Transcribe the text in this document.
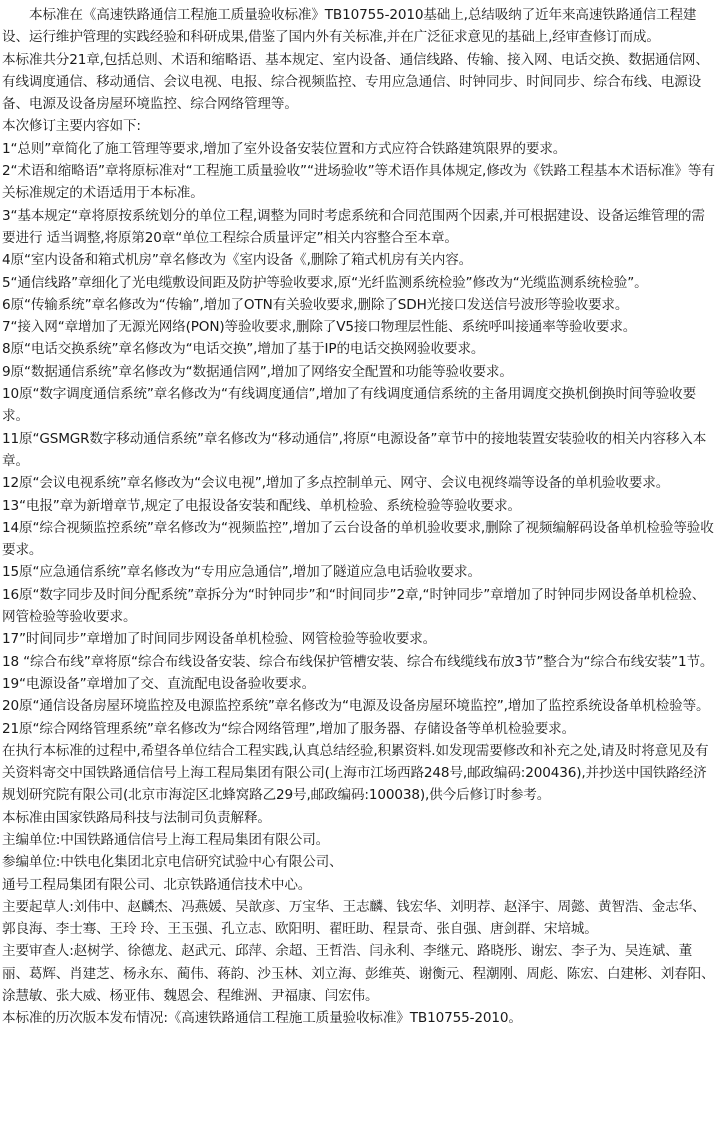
本标准在《高速铁路通信工程施工质量验收标准》TB10755-2010基础上,总结吸纳了近年来高速铁路通信工程建设、运行维护管理的实践经验和科研成果,借鉴了国内外有关标准,并在广泛征求意见的基础上,经审查修订而成。

本标准共分21章,包括总则、术语和缩略语、基本规定、室内设备、通信线路、传输、接入网、电话交换、数据通信网、有线调度通信、移动通信、会议电视、电报、综合视频监控、专用应急通信、时钟同步、时间同步、综合布线、电源设备、电源及设备房屋环境监控、综合网络管理等。

本次修订主要内容如下:

1“总则”章简化了施工管理等要求,增加了室外设备安装位置和方式应符合铁路建筑限界的要求。

2“术语和缩略语”章将原标准对“工程施工质量验收”“进场验收”等术语作具体规定,修改为《铁路工程基本术语标准》等有关标准规定的术语适用于本标准。

3“基本规定“章将原按系统划分的单位工程,调整为同时考虑系统和合同范围两个因素,并可根据建设、设备运维管理的需要进行 适当调整,将原第20章“单位工程综合质量评定”相关内容整合至本章。

4原“室内设备和箱式机房”章名修改为《室内设备《,删除了箱式机房有关内容。

5“通信线路”章细化了光电缆敷设间距及防护等验收要求,原“光纤监测系统检验”修改为“光缆监测系统检验”。

6原“传输系统”章名修改为“传输”,增加了OTN有关验收要求,删除了SDH光接口发送信号波形等验收要求。

7“接入网“章增加了无源光网络(PON)等验收要求,删除了V5接口物理层性能、系统呼叫接通率等验收要求。

8原“电话交换系统”章名修改为“电话交换”,增加了基于IP的电话交换网验收要求。

9原“数据通信系统”章名修改为“数据通信网”,增加了网络安全配置和功能等验收要求。

10原“数字调度通信系统”章名修改为“有线调度通信”,增加了有线调度通信系统的主备用调度交换机倒换时间等验收要求。

11原“GSMGR数字移动通信系统”章名修改为“移动通信”,将原“电源设备”章节中的接地装置安装验收的相关内容移入本章。

12原“会议电视系统”章名修改为“会议电视”,增加了多点控制单元、网守、会议电视终端等设备的单机验收要求。

13“电报”章为新增章节,规定了电报设备安装和配线、单机检验、系统检验等验收要求。

14原“综合视频监控系统”章名修改为“视频监控”,增加了云台设备的单机验收要求,删除了视频编解码设备单机检验等验收要求。

15原“应急通信系统”章名修改为“专用应急通信”,增加了隧道应急电话验收要求。

16原“数字同步及时间分配系统”章拆分为“时钟同步”和“时间同步”2章,“时钟同步”章增加了时钟同步网设备单机检验、网管检验等验收要求。

17”时间同步”章增加了时间同步网设备单机检验、网管检验等验收要求。

18 “综合布线”章将原“综合布线设备安装、综合布线保护管槽安装、综合布线缆线布放3节”整合为“综合布线安装”1节。

19“电源设备”章增加了交、直流配电设备验收要求。

20原“通信设备房屋环境监控及电源监控系统”章名修改为“电源及设备房屋环境监控”,增加了监控系统设备单机检验等。

21原“综合网络管理系统”章名修改为“综合网络管理”,增加了服务器、存储设备等单机检验要求。

在执行本标准的过程中,希望各单位结合工程实践,认真总结经验,积累资料.如发现需要修改和补充之处,请及时将意见及有关资料寄交中国铁路通信信号上海工程局集团有限公司(上海市江场西路248号,邮政编码:200436),并抄送中国铁路经济规划研究院有限公司(北京市海淀区北蜂窝路乙29号,邮政编码:100038),供今后修订时参考。

本标准由国家铁路局科技与法制司负责解释。

主编单位:中国铁路通信信号上海工程局集团有限公司。

参编单位:中铁电化集团北京电信研究试验中心有限公司、

通号工程局集团有限公司、北京铁路通信技术中心。

主要起草人:刘伟中、赵麟杰、冯燕媛、吴歆彦、万宝华、王志麟、钱宏华、刘明荐、赵泽宇、周懿、黄智浩、金志华、郭良海、李士骞、王玲 玲、王玉强、孔立志、欧阳明、翟旺助、程景奇、张自强、唐剑群、宋培城。

主要审查人:赵树学、徐德龙、赵武元、邱萍、余超、王哲浩、闫永利、李继元、路晓彤、谢宏、李子为、吴连斌、董丽、葛辉、肖建芝、杨永东、蔺伟、蒋韵、沙玉林、刘立海、彭维英、谢衡元、程潮刚、周彪、陈宏、白建彬、刘春阳、涂慧敏、张大威、杨亚伟、魏恩会、程维洲、尹福康、闫宏伟。

本标准的历次版本发布情况:《高速铁路通信工程施工质量验收标准》TB10755-2010。
